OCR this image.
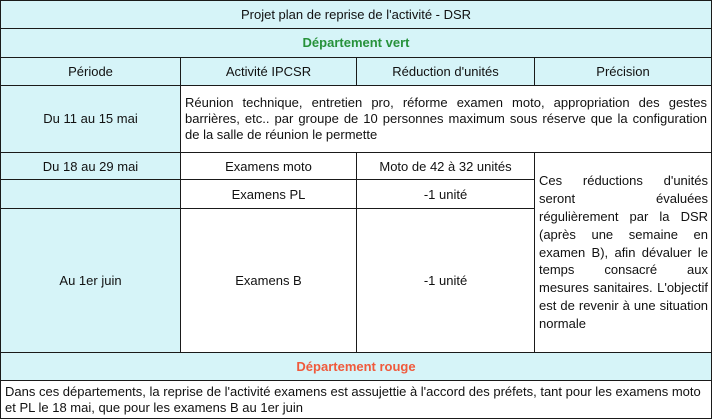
Projet plan de reprise de l'activité - DSR			
Département vert			
Période	Activité IPCSR	Réduction d'unités	Précision
Du 11 au 15 mai	Réunion technique, entretien pro, réforme examen moto, appropriation des gestes barrières, etc.. par groupe de 10 personnes maximum sous réserve que la configuration de la salle de réunion le permette		
Du 18 au 29 mai	Examens moto	Moto de 42 à 32 unités	Ces réductions d'unités seront évaluées régulièrement par la DSR (après une semaine en examen B), afin dévaluer le temps consacré aux mesures sanitaires. L'objectif est de revenir à une situation normale
	Examens PL	-1 unité	
Au 1er juin	Examens B	-1 unité	
Département rouge			
Dans ces départements, la reprise de l'activité examens est assujettie à l'accord des préfets, tant pour les examens moto et PL le 18 mai, que pour les examens B au 1er juin			
